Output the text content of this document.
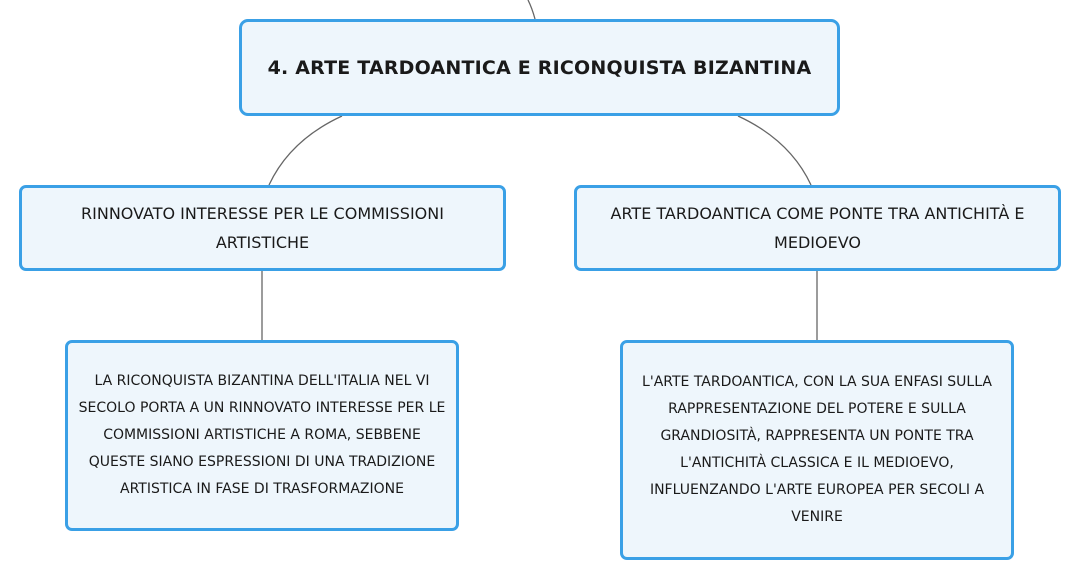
4. ARTE TARDOANTICA E RICONQUISTA BIZANTINA
RINNOVATO INTERESSE PER LE COMMISSIONI ARTISTICHE
ARTE TARDOANTICA COME PONTE TRA ANTICHITÀ E MEDIOEVO
LA RICONQUISTA BIZANTINA DELL'ITALIA NEL VI SECOLO PORTA A UN RINNOVATO INTERESSE PER LE COMMISSIONI ARTISTICHE A ROMA, SEBBENE QUESTE SIANO ESPRESSIONI DI UNA TRADIZIONE ARTISTICA IN FASE DI TRASFORMAZIONE
L'ARTE TARDOANTICA, CON LA SUA ENFASI SULLA RAPPRESENTAZIONE DEL POTERE E SULLA GRANDIOSITÀ, RAPPRESENTA UN PONTE TRA L'ANTICHITÀ CLASSICA E IL MEDIOEVO, INFLUENZANDO L'ARTE EUROPEA PER SECOLI A VENIRE
